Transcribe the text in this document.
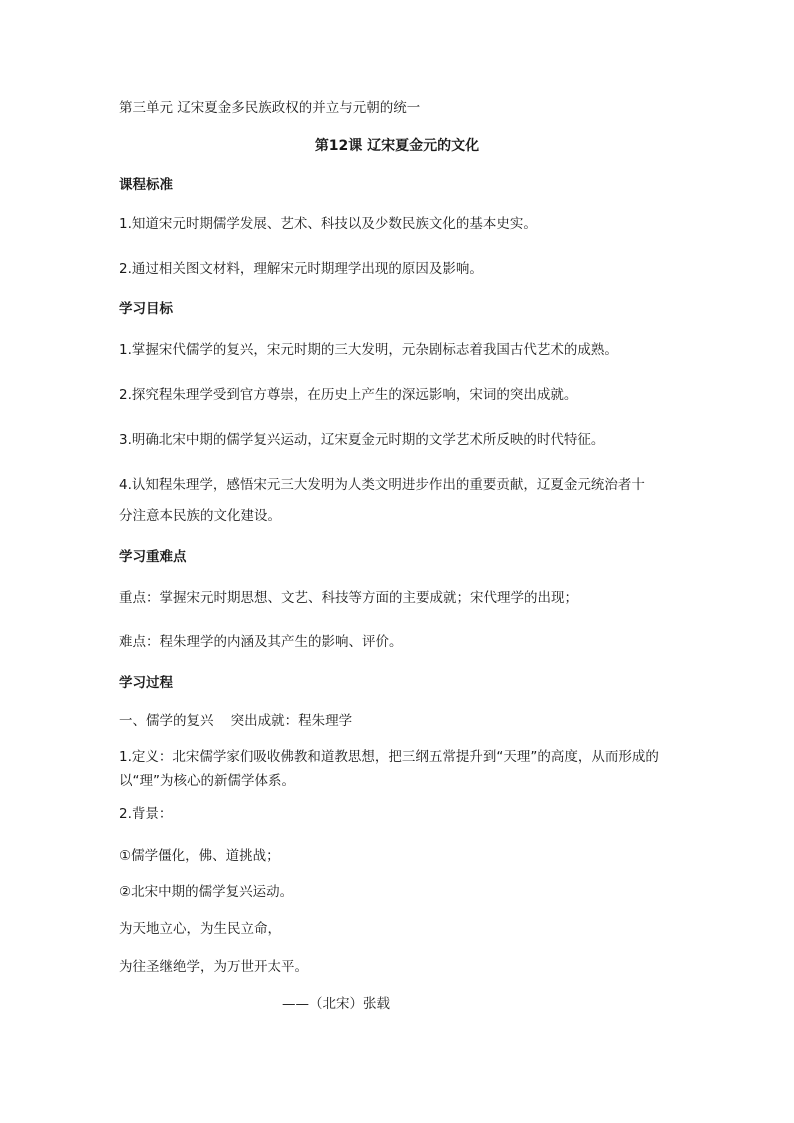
第三单元 辽宋夏金多民族政权的并立与元朝的统一
第12课 辽宋夏金元的文化
课程标准
1.知道宋元时期儒学发展、艺术、科技以及少数民族文化的基本史实。
2.通过相关图文材料，理解宋元时期理学出现的原因及影响。
学习目标
1.掌握宋代儒学的复兴，宋元时期的三大发明，元杂剧标志着我国古代艺术的成熟。
2.探究程朱理学受到官方尊崇，在历史上产生的深远影响，宋词的突出成就。
3.明确北宋中期的儒学复兴运动，辽宋夏金元时期的文学艺术所反映的时代特征。
4.认知程朱理学，感悟宋元三大发明为人类文明进步作出的重要贡献，辽夏金元统治者十
分注意本民族的文化建设。
学习重难点
重点：掌握宋元时期思想、文艺、科技等方面的主要成就；宋代理学的出现；
难点：程朱理学的内涵及其产生的影响、评价。
学习过程
一、儒学的复兴    突出成就：程朱理学
1.定义：北宋儒学家们吸收佛教和道教思想，把三纲五常提升到“天理”的高度，从而形成的以“理”为核心的新儒学体系。
2.背景：
①儒学僵化，佛、道挑战；
②北宋中期的儒学复兴运动。
为天地立心，为生民立命，
为往圣继绝学，为万世开太平。
——（北宋）张载
